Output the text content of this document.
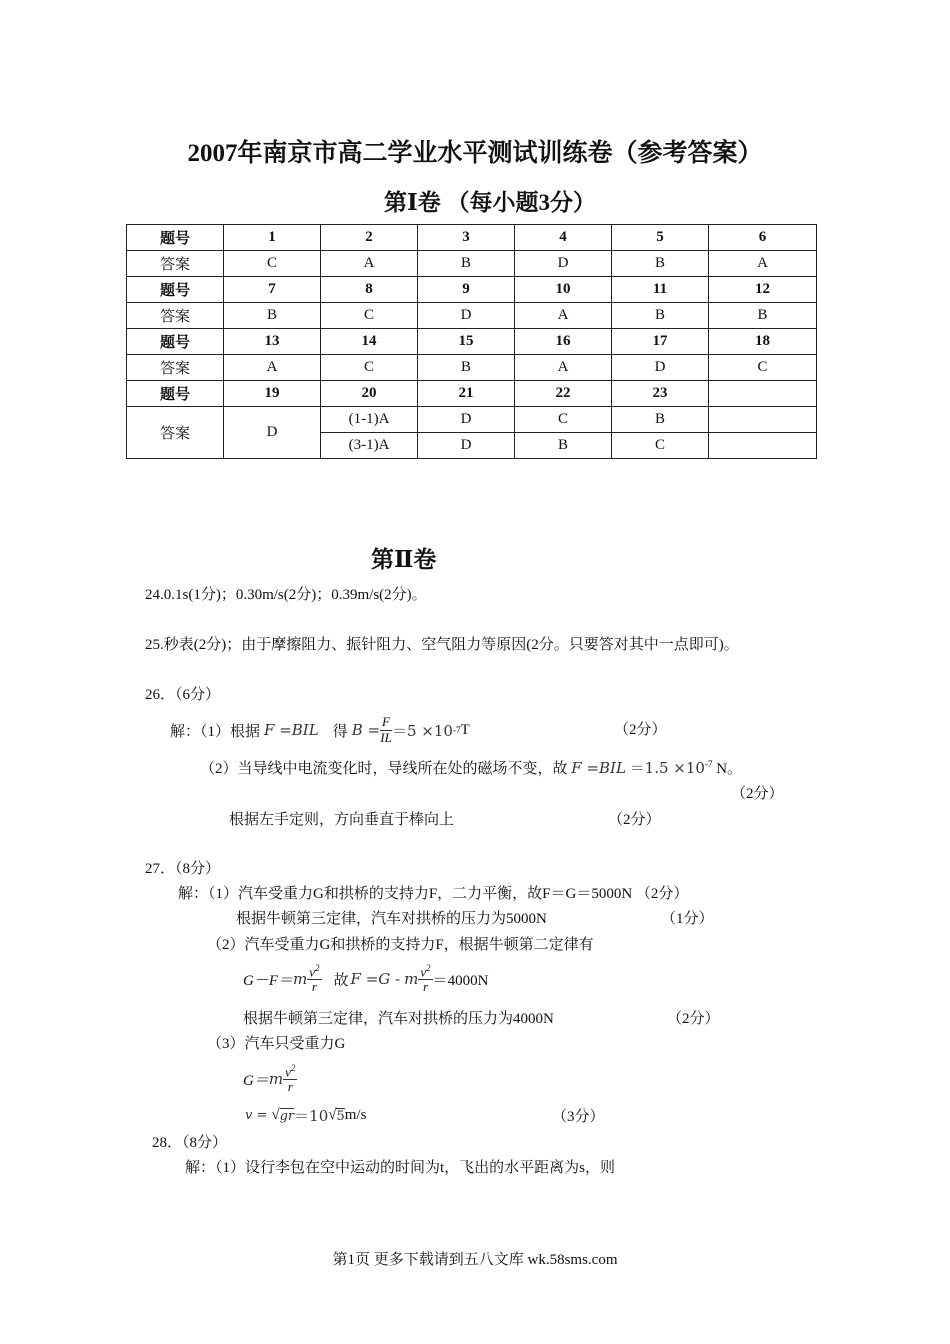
2007年南京市高二学业水平测试训练卷（参考答案）
第Ⅰ卷 （每小题3分）
题号	1	2	3	4	5	6
答案	C	A	B	D	B	A
题号	7	8	9	10	11	12
答案	B	C	D	A	B	B
题号	13	14	15	16	17	18
答案	A	C	B	A	D	C
题号	19	20	21	22	23	
答案	D	(1-1)A	D	C	B	
		(3-1)A	D	B	C	
第Ⅱ卷
24.0.1s(1分)；0.30m/s(2分)；0.39m/s(2分)。
25.秒表(2分)；由于摩擦阻力、振针阻力、空气阻力等原因(2分。只要答对其中一点即可)。
26．（6分）
解：（1）根据 F =BIL 得 $B = \frac{F}{IL} =5 \times 10$ -7 T	（2分）
（2）当导线中电流变化时，导线所在处的磁场不变，故 $F =BIL =1.5 \times 10^{-7}$ N。
（2分）
根据左手定则，方向垂直于棒向上	（2分）
27．（8分）
解：（1）汽车受重力G和拱桥的支持力F，二力平衡，故F＝G＝5000N （2分）
根据牛顿第三定律，汽车对拱桥的压力为5000N	（1分）
（2）汽车受重力G和拱桥的支持力F，根据牛顿第二定律有
G－F＝ m $\frac{v^2}{r}$ 故 F =G - m $\frac{v^2}{r} =4000N$
根据牛顿第三定律，汽车对拱桥的压力为4000N	（2分）
（3）汽车只受重力G
G＝ m $\frac{v^2}{r}$
v = √ gr ＝10 √ 5 m/s	（3分）
28．（8分）
解：（1）设行李包在空中运动的时间为t，飞出的水平距离为s，则
第1页 更多下载请到五八文库 wk.58sms.com
